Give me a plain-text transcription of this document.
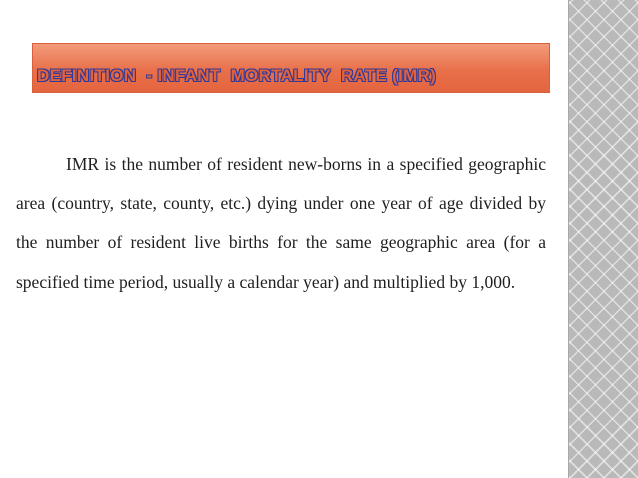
DEFINITION  - INFANT  MORTALITY  RATE (IMR)

IMR is the number of resident new-borns in a specified geographic area (country, state, county, etc.) dying under one year of age divided by the number of resident live births for the same geographic area (for a specified time period, usually a calendar year) and multiplied by 1,000.
